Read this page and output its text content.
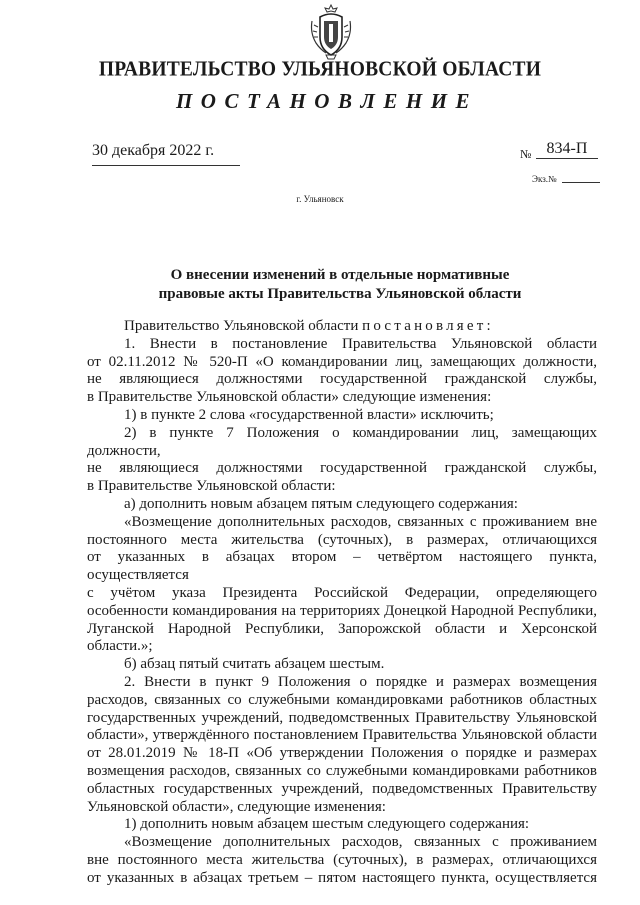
ПРАВИТЕЛЬСТВО УЛЬЯНОВСКОЙ ОБЛАСТИ
ПОСТАНОВЛЕНИЕ
30 декабря 2022 г.	№ 834-П
Экз.№
г. Ульяновск
О внесении изменений в отдельные нормативные
правовые акты Правительства Ульяновской области

Правительство Ульяновской области постановляет:

1. Внести в постановление Правительства Ульяновской области

от 02.11.2012 № 520-П «О командировании лиц, замещающих должности,

не являющиеся должностями государственной гражданской службы,

в Правительстве Ульяновской области» следующие изменения:

1) в пункте 2 слова «государственной власти» исключить;

2) в пункте 7 Положения о командировании лиц, замещающих должности,

не являющиеся должностями государственной гражданской службы,

в Правительстве Ульяновской области:

а) дополнить новым абзацем пятым следующего содержания:

«Возмещение дополнительных расходов, связанных с проживанием вне

постоянного места жительства (суточных), в размерах, отличающихся

от указанных в абзацах втором – четвёртом настоящего пункта, осуществляется

с учётом указа Президента Российской Федерации, определяющего

особенности командирования на территориях Донецкой Народной Республики,

Луганской Народной Республики, Запорожской области и Херсонской

области.»;

б) абзац пятый считать абзацем шестым.

2. Внести в пункт 9 Положения о порядке и размерах возмещения

расходов, связанных со служебными командировками работников областных

государственных учреждений, подведомственных Правительству Ульяновской

области», утверждённого постановлением Правительства Ульяновской области

от 28.01.2019 № 18-П «Об утверждении Положения о порядке и размерах

возмещения расходов, связанных со служебными командировками работников

областных государственных учреждений, подведомственных Правительству

Ульяновской области», следующие изменения:

1) дополнить новым абзацем шестым следующего содержания:

«Возмещение дополнительных расходов, связанных с проживанием

вне постоянного места жительства (суточных), в размерах, отличающихся

от указанных в абзацах третьем – пятом настоящего пункта, осуществляется
